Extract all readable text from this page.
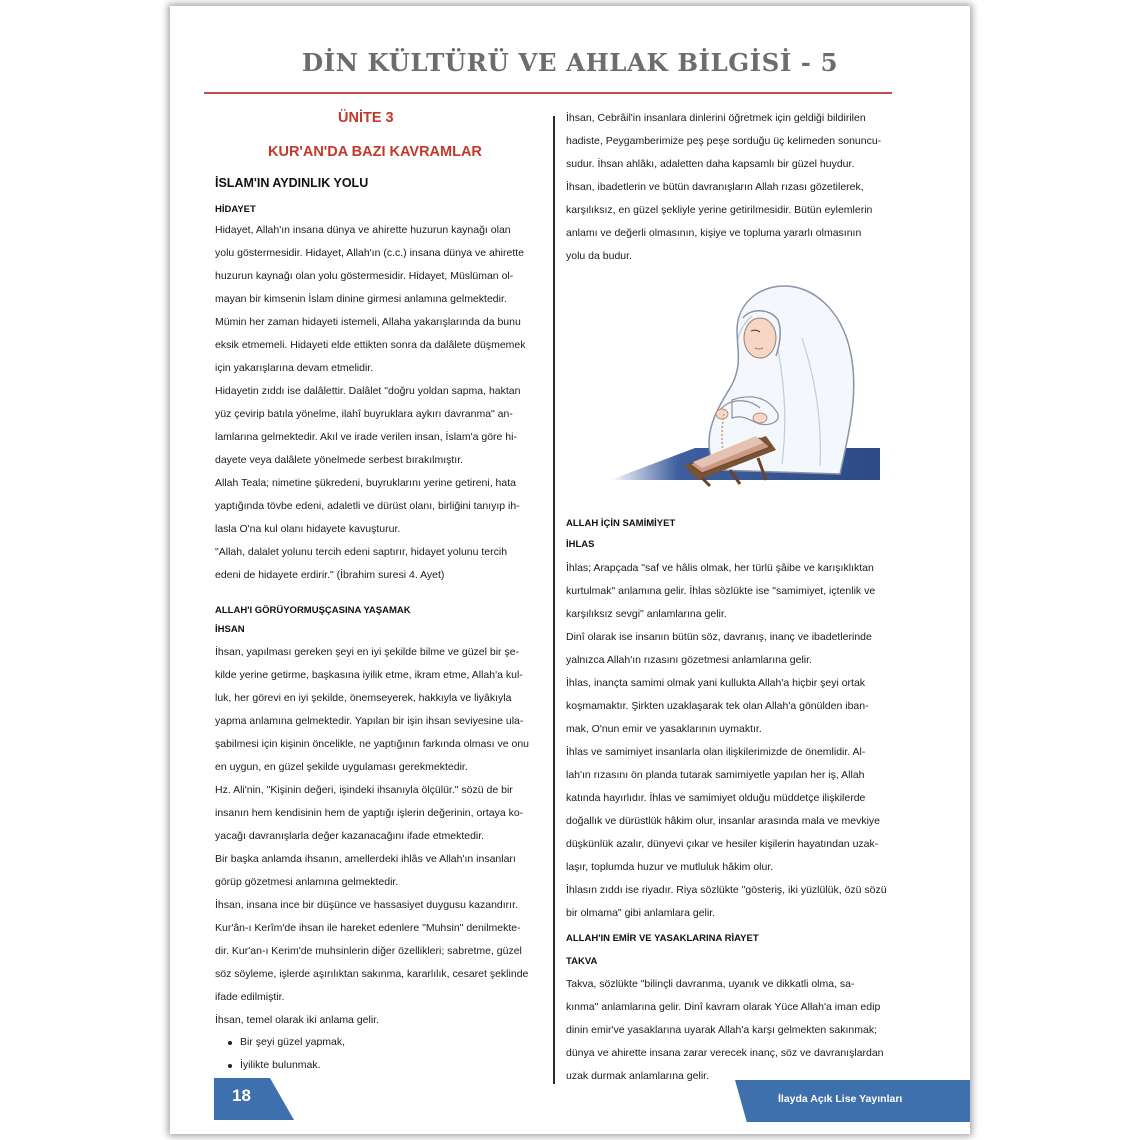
DİN KÜLTÜRÜ VE AHLAK BİLGİSİ - 5
ÜNİTE 3
KUR'AN'DA BAZI KAVRAMLAR
İSLAM'IN AYDINLIK YOLU
HİDAYET
Hidayet, Allah'ın insana dünya ve ahirette huzurun kaynağı olan
yolu göstermesidir. Hidayet, Allah'ın (c.c.) insana dünya ve ahirette
huzurun kaynağı olan yolu göstermesidir. Hidayet, Müslüman ol-
mayan bir kimsenin İslam dinine girmesi anlamına gelmektedir.
Mümin her zaman hidayeti istemeli, Allaha yakarışlarında da bunu
eksik etmemeli. Hidayeti elde ettikten sonra da dalâlete düşmemek
için yakarışlarına devam etmelidir.
Hidayetin zıddı ise dalâlettir. Dalâlet "doğru yoldan sapma, haktan
yüz çevirip batıla yönelme, ilahî buyruklara aykırı davranma" an-
lamlarına gelmektedir. Akıl ve irade verilen insan, İslam'a göre hi-
dayete veya dalâlete yönelmede serbest bırakılmıştır.
Allah Teala; nimetine şükredeni, buyruklarını yerine getireni, hata
yaptığında tövbe edeni, adaletli ve dürüst olanı, birliğini tanıyıp ih-
lasla O'na kul olanı hidayete kavuşturur.
"Allah, dalalet yolunu tercih edeni saptırır, hidayet yolunu tercih
edeni de hidayete erdirir." (İbrahim suresi 4. Ayet)
ALLAH'I GÖRÜYORMUŞÇASINA YAŞAMAK
İHSAN
İhsan, yapılması gereken şeyi en iyi şekilde bilme ve güzel bir şe-
kilde yerine getirme, başkasına iyilik etme, ikram etme, Allah'a kul-
luk, her görevi en iyi şekilde, önemseyerek, hakkıyla ve liyâkıyla
yapma anlamına gelmektedir. Yapılan bir işin ihsan seviyesine ula-
şabilmesi için kişinin öncelikle, ne yaptığının farkında olması ve onu
en uygun, en güzel şekilde uygulaması gerekmektedir.
Hz. Ali'nin, "Kişinin değeri, işindeki ihsanıyla ölçülür." sözü de bir
insanın hem kendisinin hem de yaptığı işlerin değerinin, ortaya ko-
yacağı davranışlarla değer kazanacağını ifade etmektedir.
Bir başka anlamda ihsanın, amellerdeki ihlâs ve Allah'ın insanları
görüp gözetmesi anlamına gelmektedir.
İhsan, insana ince bir düşünce ve hassasiyet duygusu kazandırır.
Kur'ân-ı Kerîm'de ihsan ile hareket edenlere "Muhsin" denilmekte-
dir. Kur'an-ı Kerim'de muhsinlerin diğer özellikleri; sabretme, güzel
söz söyleme, işlerde aşırılıktan sakınma, kararlılık, cesaret şeklinde
ifade edilmiştir.
İhsan, temel olarak iki anlama gelir.
Bir şeyi güzel yapmak,
İyilikte bulunmak.
İhsan, Cebrâil'in insanlara dinlerini öğretmek için geldiği bildirilen
hadiste, Peygamberimize peş peşe sorduğu üç kelimeden sonuncu-
sudur. İhsan ahlâkı, adaletten daha kapsamlı bir güzel huydur.
İhsan, ibadetlerin ve bütün davranışların Allah rızası gözetilerek,
karşılıksız, en güzel şekliyle yerine getirilmesidir. Bütün eylemlerin
anlamı ve değerli olmasının, kişiye ve topluma yararlı olmasının
yolu da budur.
ALLAH İÇİN SAMİMİYET
İHLAS
İhlas; Arapçada "saf ve hâlis olmak, her türlü şâibe ve karışıklıktan
kurtulmak" anlamına gelir. İhlas sözlükte ise "samimiyet, içtenlik ve
karşılıksız sevgi" anlamlarına gelir.
Dinî olarak ise insanın bütün söz, davranış, inanç ve ibadetlerinde
yalnızca Allah'ın rızasını gözetmesi anlamlarına gelir.
İhlas, inançta samimi olmak yani kullukta Allah'a hiçbir şeyi ortak
koşmamaktır. Şirkten uzaklaşarak tek olan Allah'a gönülden iban-
mak, O'nun emir ve yasaklarının uymaktır.
İhlas ve samimiyet insanlarla olan ilişkilerimizde de önemlidir. Al-
lah'ın rızasını ön planda tutarak samimiyetle yapılan her iş, Allah
katında hayırlıdır. İhlas ve samimiyet olduğu müddetçe ilişkilerde
doğallık ve dürüstlük hâkim olur, insanlar arasında mala ve mevkiye
düşkünlük azalır, dünyevi çıkar ve hesiler kişilerin hayatından uzak-
laşır, toplumda huzur ve mutluluk hâkim olur.
İhlasın zıddı ise riyadır. Riya sözlükte "gösteriş, iki yüzlülük, özü sözü
bir olmama" gibi anlamlara gelir.
ALLAH'IN EMİR VE YASAKLARINA RİAYET
TAKVA
Takva, sözlükte "bilinçli davranma, uyanık ve dikkatli olma, sa-
kınma" anlamlarına gelir. Dinî kavram olarak Yüce Allah'a iman edip
dinin emir've yasaklarına uyarak Allah'a karşı gelmekten sakınmak;
dünya ve ahirette insana zarar verecek inanç, söz ve davranışlardan
uzak durmak anlamlarına gelir.
18	İlayda Açık Lise Yayınları
